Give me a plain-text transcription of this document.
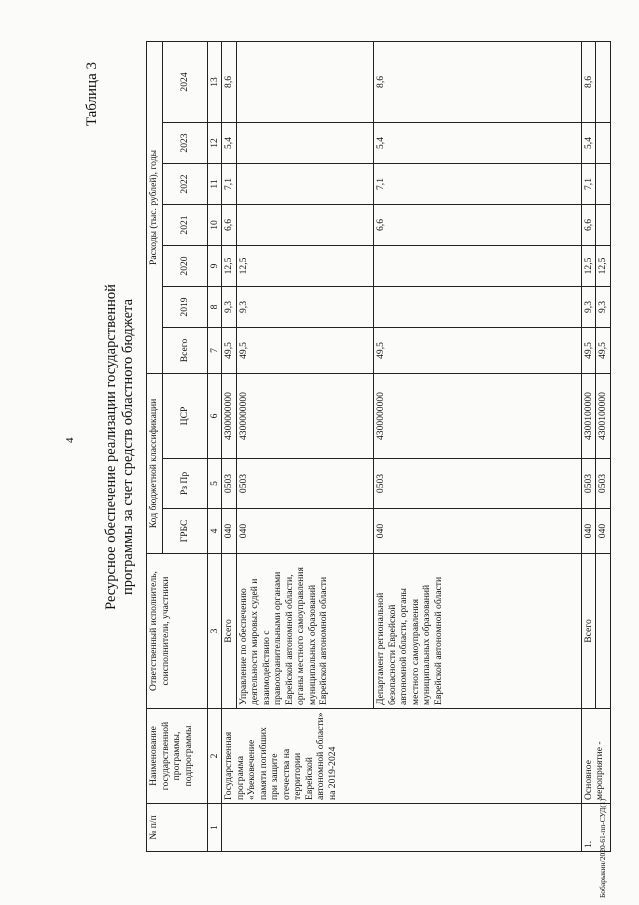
4
Таблица 3
Ресурсное обеспечение реализации государственной программы за счет средств областного бюджета
№ п/п	Наименование государственной программы, подпрограммы	Ответственный исполнитель, соисполнители, участники	Код бюджетной классификации			Расходы (тыс. рублей), годы						
			ГРБС	Рз Пр	ЦСР	Всего	2019	2020	2021	2022	2023	2024
1	2	3	4	5	6	7	8	9	10	11	12	13
	Государственная программа «Увековечение памяти погибших при защите отечества на территории Еврейской автономной области» на 2019-2024	Всего	040	0503	4300000000	49,5	9,3	12,5	6,6	7,1	5,4	8,6
		Управление по обеспечению деятельности мировых судей и взаимодействию с правоохранительными органами Еврейской автономной области, органы местного самоуправления муниципальных образований Еврейской автономной области	040	0503	4300000000	49,5	9,3	12,5				
		Департамент региональной безопасности Еврейской автономной области, органы местного самоуправления муниципальных образований Еврейской автономной области	040	0503	4300000000	49,5			6,6	7,1	5,4	8,6
1.	Основное мероприятие -	Всего	040	0503	4300100000	49,5	9,3	12,5	6,6	7,1	5,4	8,6
			040	0503	4300100000	49,5	9,3	12,5				
Бобарыкин/2020-61-пп-СУД(1)
